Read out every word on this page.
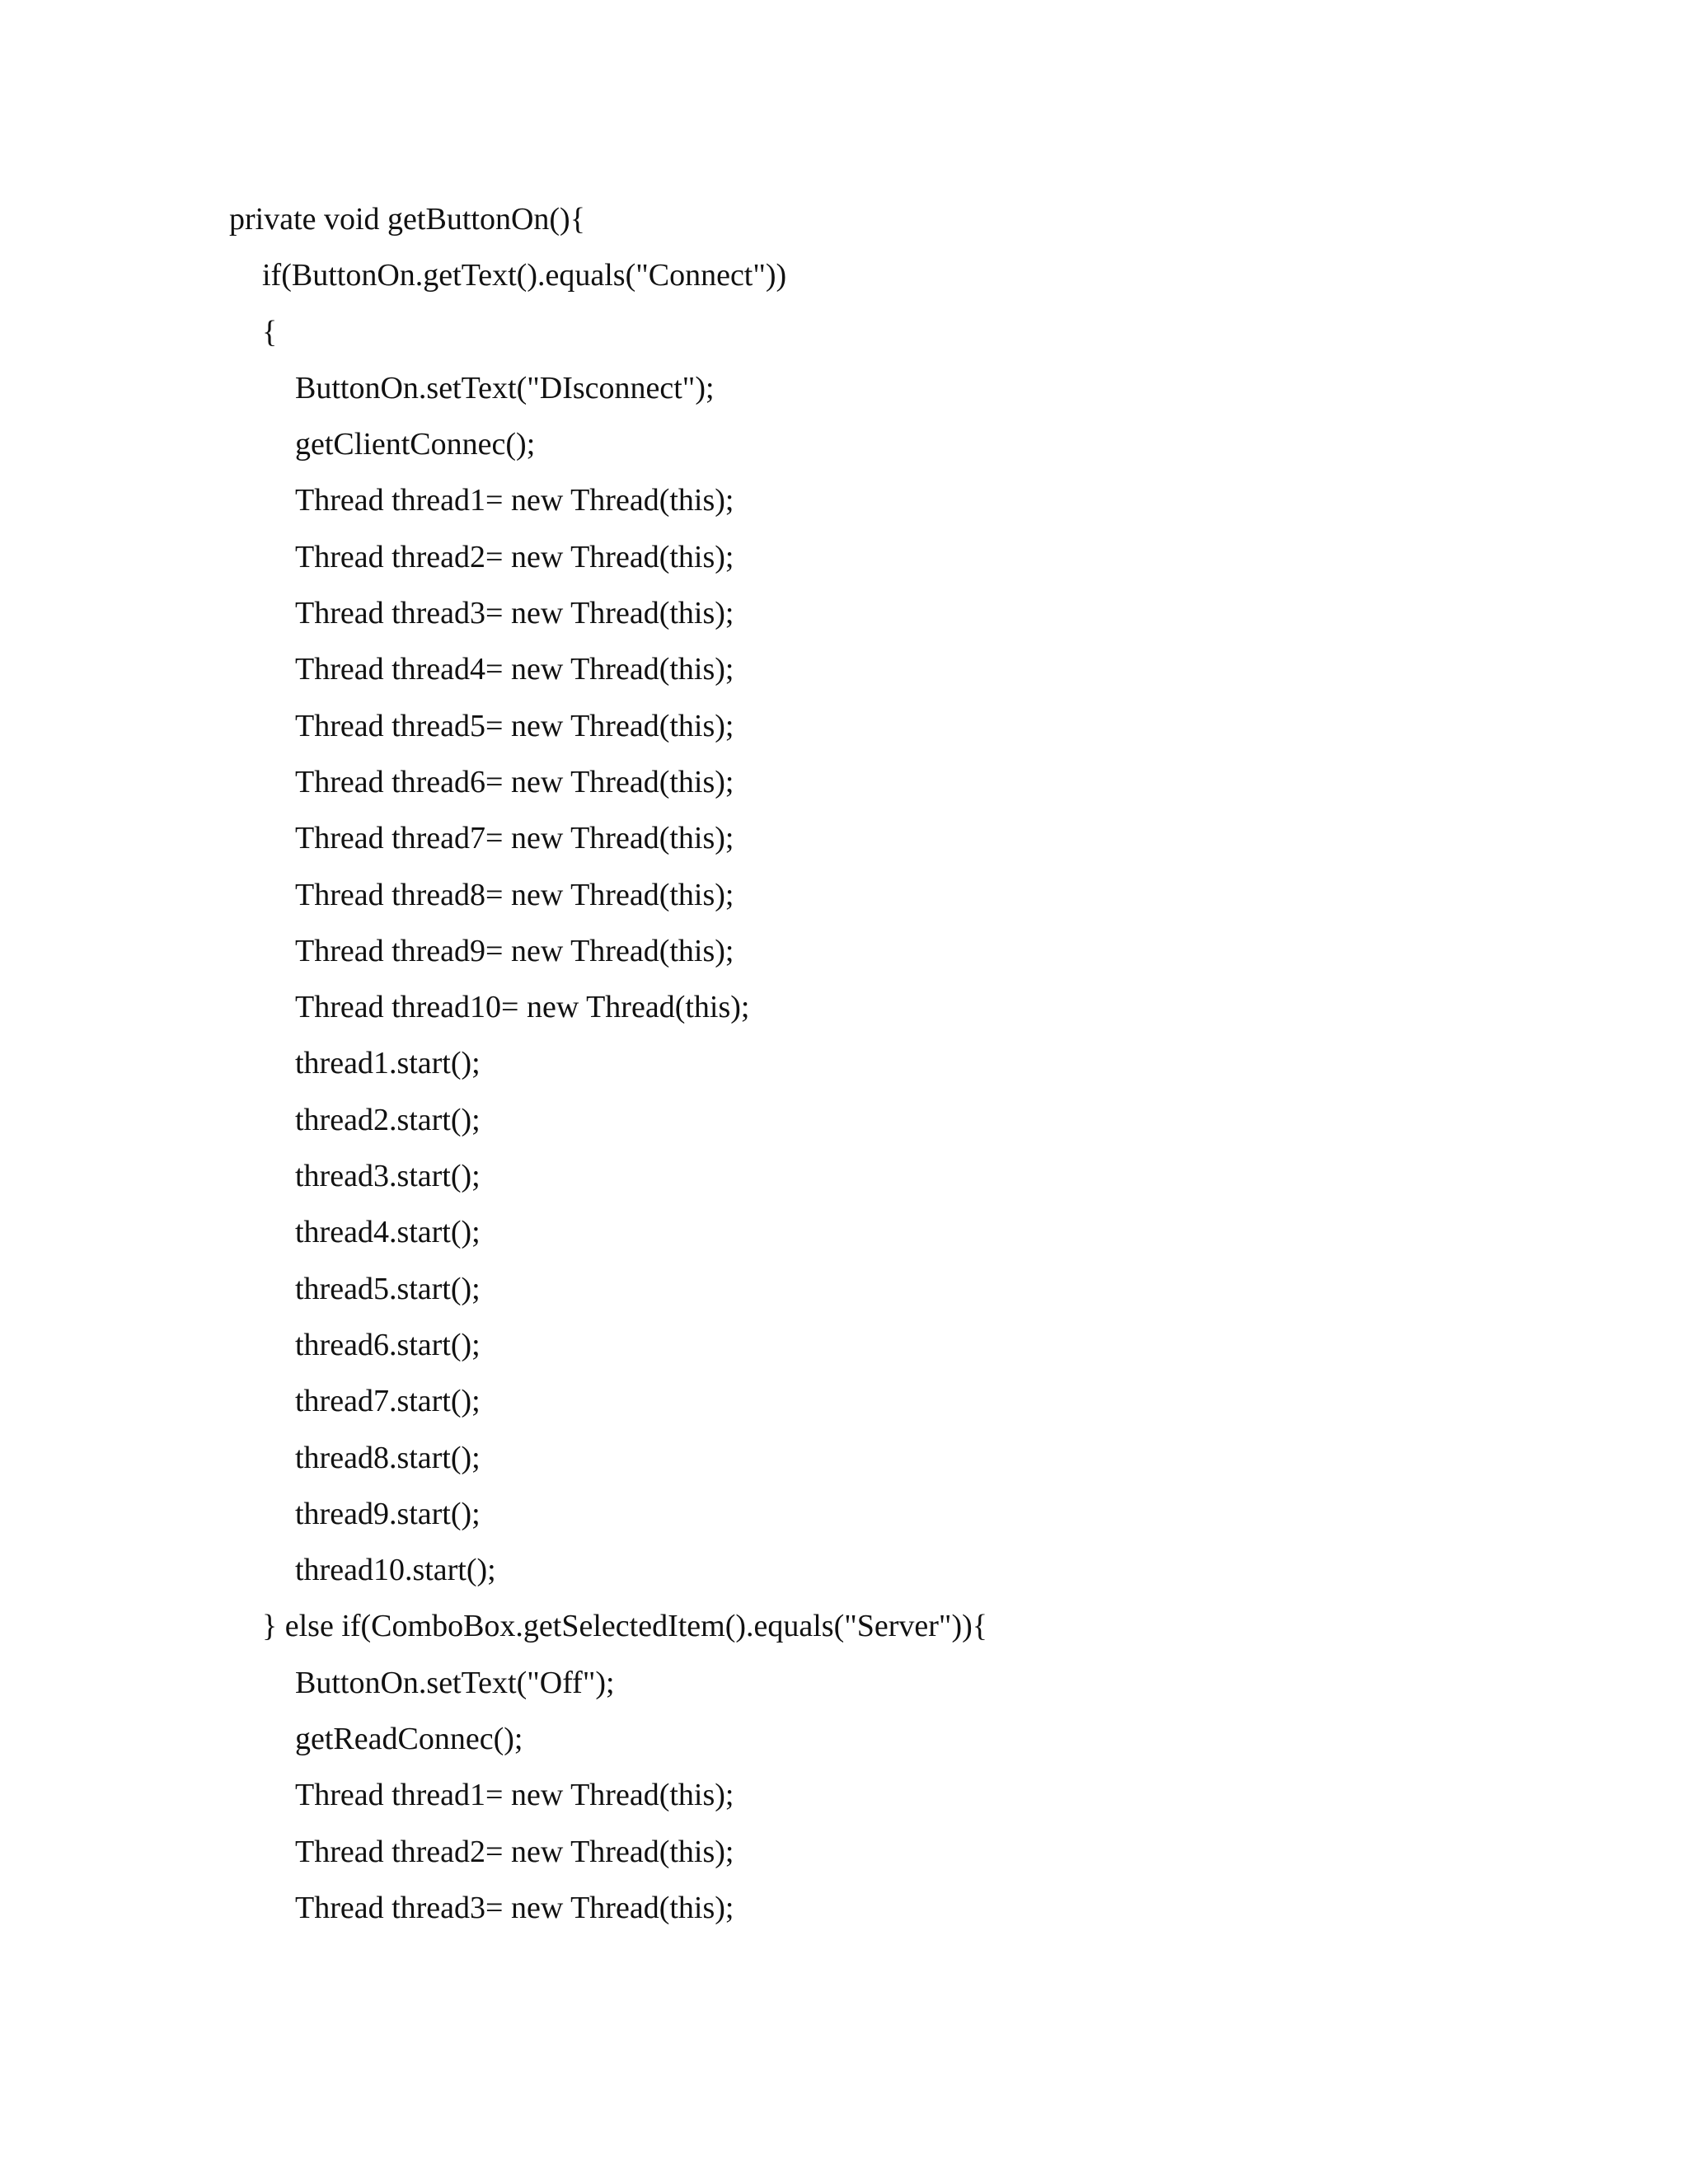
private void getButtonOn(){
if(ButtonOn.getText().equals("Connect"))
{
ButtonOn.setText("DIsconnect");
getClientConnec();
Thread thread1= new Thread(this);
Thread thread2= new Thread(this);
Thread thread3= new Thread(this);
Thread thread4= new Thread(this);
Thread thread5= new Thread(this);
Thread thread6= new Thread(this);
Thread thread7= new Thread(this);
Thread thread8= new Thread(this);
Thread thread9= new Thread(this);
Thread thread10= new Thread(this);
thread1.start();
thread2.start();
thread3.start();
thread4.start();
thread5.start();
thread6.start();
thread7.start();
thread8.start();
thread9.start();
thread10.start();
} else if(ComboBox.getSelectedItem().equals("Server")){
ButtonOn.setText("Off");
getReadConnec();
Thread thread1= new Thread(this);
Thread thread2= new Thread(this);
Thread thread3= new Thread(this);
